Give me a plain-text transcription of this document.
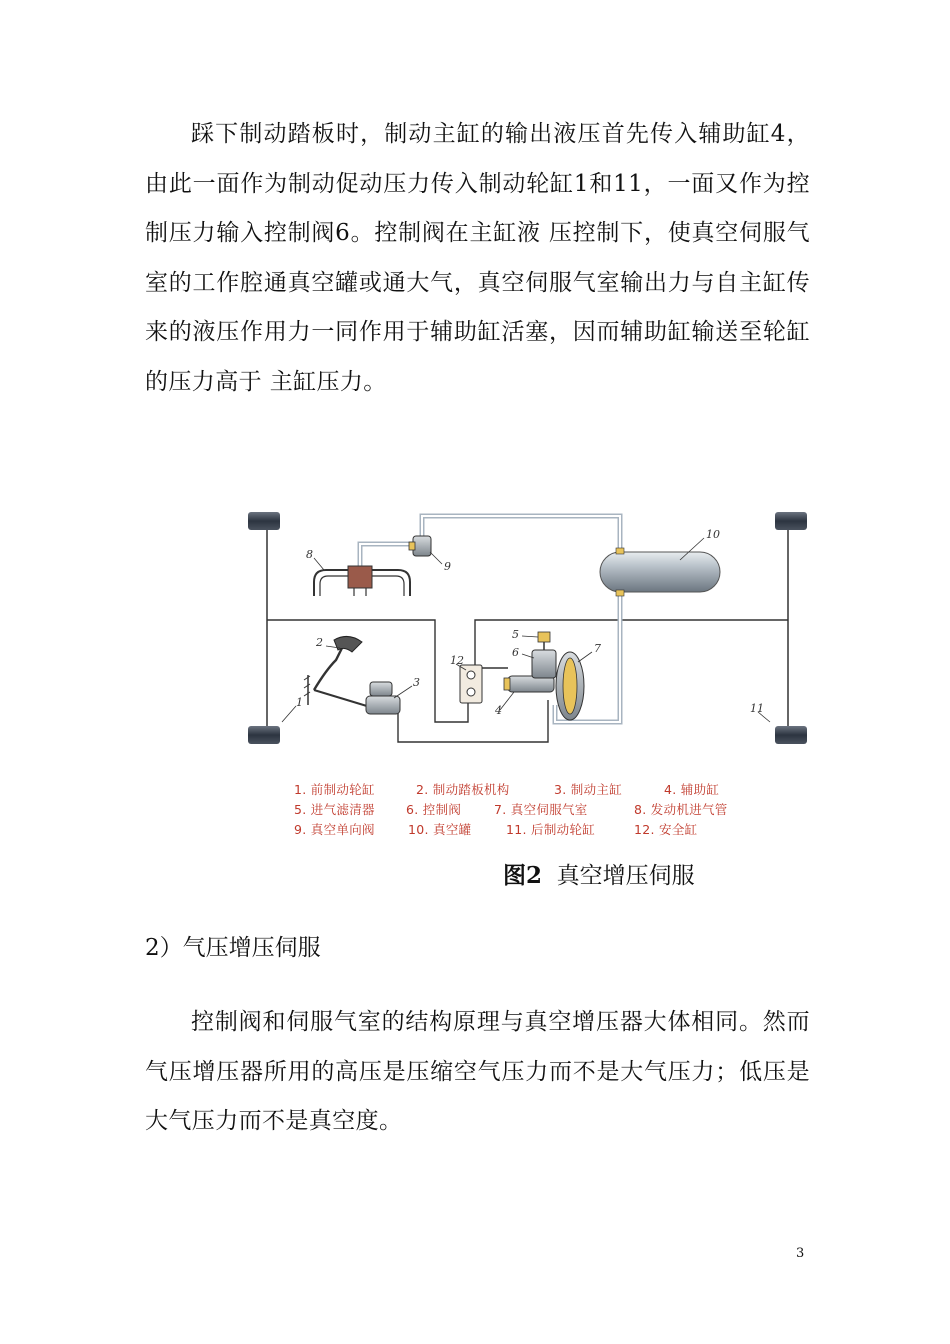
踩下制动踏板时，制动主缸的输出液压首先传入辅助缸4，由此一面作为制动促动压力传入制动轮缸1和11，一面又作为控制压力输入控制阀6。控制阀在主缸液 压控制下，使真空伺服气室的工作腔通真空罐或通大气，真空伺服气室输出力与自主缸传来的液压作用力一同作用于辅助缸活塞，因而辅助缸输送至轮缸的压力高于 主缸压力。

1
2
3
4
5
6	7
8
9
10
11
12
1. 前制动轮缸	2. 制动踏板机构	3. 制动主缸	4. 辅助缸
5. 进气滤清器 6. 控制阀	7. 真空伺服气室	8. 发动机进气管
9. 真空单向阀	10. 真空罐	11. 后制动轮缸	12. 安全缸

图2 真空增压伺服

2）气压增压伺服

控制阀和伺服气室的结构原理与真空增压器大体相同。然而气压增压器所用的高压是压缩空气压力而不是大气压力；低压是大气压力而不是真空度。

3
